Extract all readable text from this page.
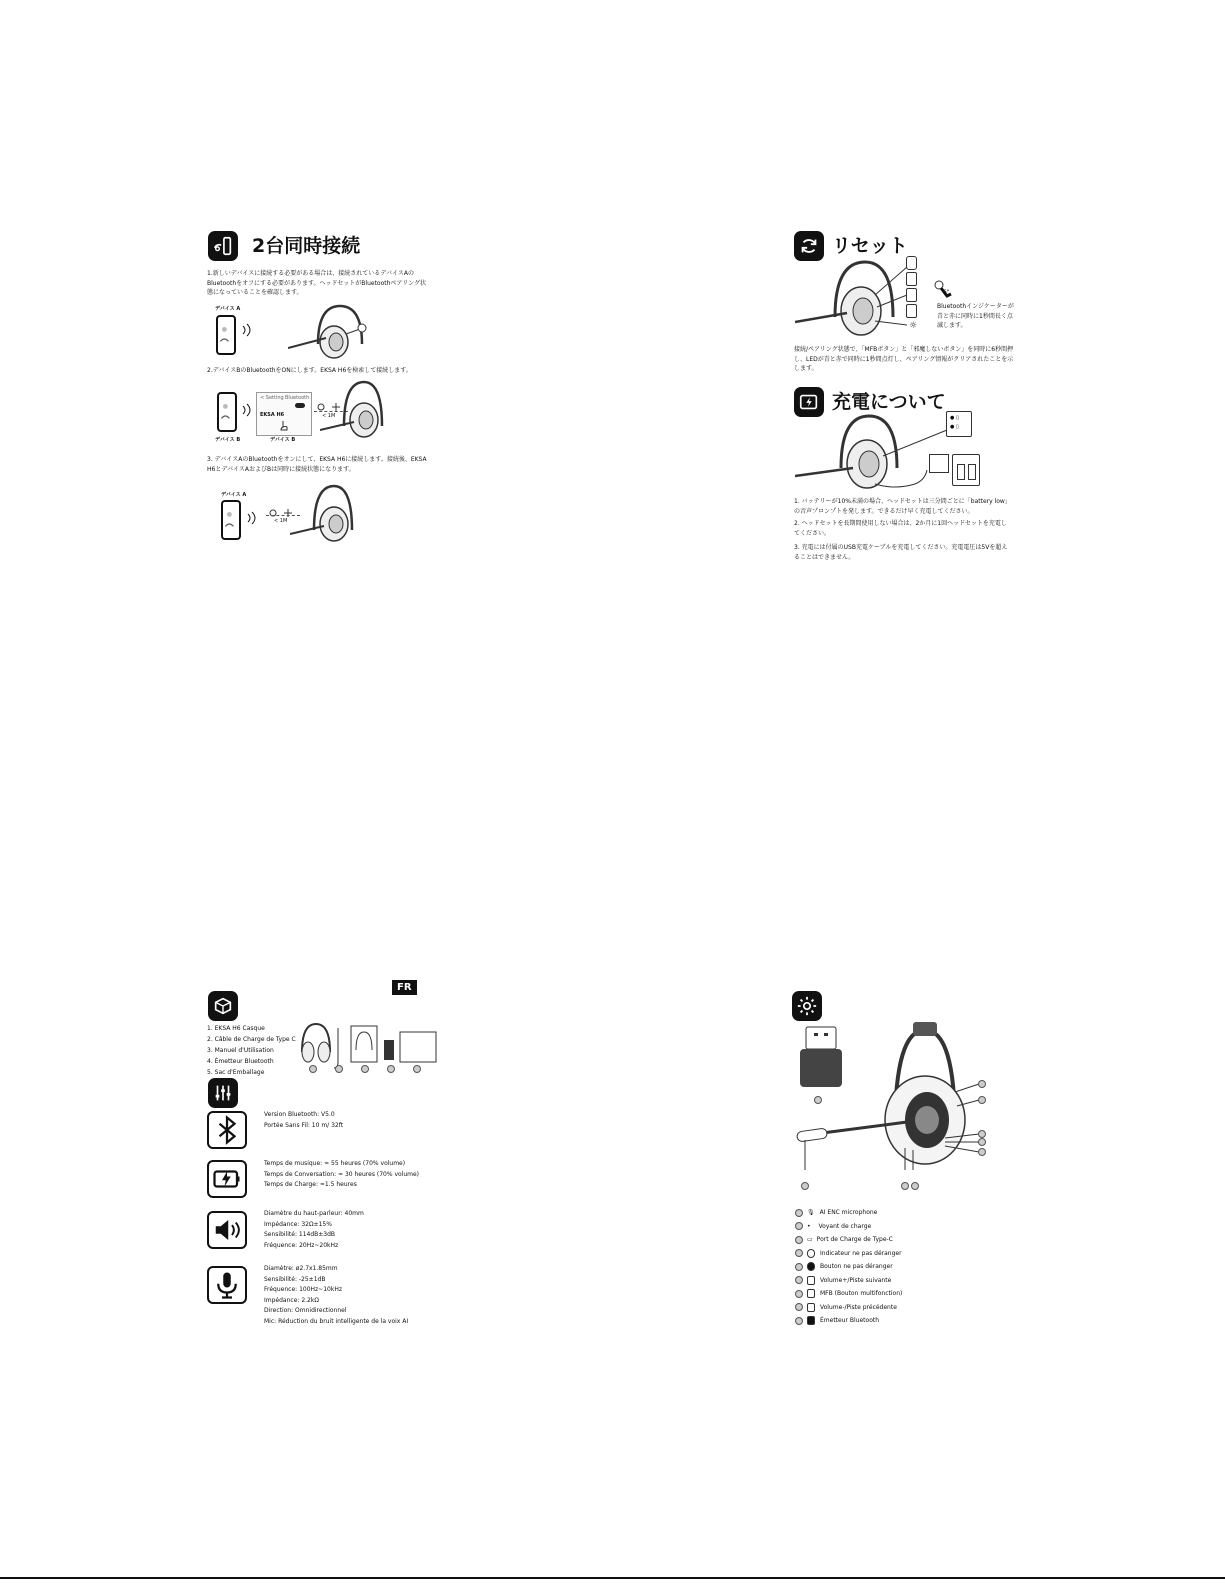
2台同時接続
1.新しいデバイスに接続する必要がある場合は、接続されているデバイスAのBluetoothをオフにする必要があります。ヘッドセットがBluetoothペアリング状態になっていることを確認します。
デバイス A
2.デバイスBのBluetoothをONにします。EKSA H6を検索して接続します。
デバイス B
< Setting Bluetooth
EKSA H6
デバイス B
< 1M
3. デバイスAのBluetoothをオンにして、EKSA H6に接続します。接続後、EKSA H6とデバイスAおよびBは同時に接続状態になります。
デバイス A
< 1M
リセット
☼
6"
Bluetoothインジケーターが青と赤に同時に1秒間長く点滅します。
接続/ペアリング状態で、「MFBボタン」と「邪魔しないボタン」を同時に6秒間押し、LEDが青と赤で同時に1秒間点灯し、ペアリング情報がクリアされたことを示します。
充電について
● ▯
● ▯
1. バッテリーが10%未満の場合、ヘッドセットは三分間ごとに「battery low」の音声プロンプトを発します。できるだけ早く充電してください。
2. ヘッドセットを長期間使用しない場合は、2か月に1回ヘッドセットを充電してください。
3. 充電には付属のUSB充電ケーブルを充電してください。充電電圧は5Vを超えることはできません。
FR
1. EKSA H6 Casque
2. Câble de Charge de Type C
3. Manuel d'Utilisation
4. Émetteur Bluetooth
5. Sac d'Emballage
Version Bluetooth: V5.0
Portée Sans Fil: 10 m/ 32ft
Temps de musique: ≈ 55 heures (70% volume)
Temps de Conversation: ≈ 30 heures (70% volume)
Temps de Charge: ≈1.5 heures
Diamètre du haut-parleur: 40mm
Impédance: 32Ω±15%
Sensibilité: 114dB±3dB
Fréquence: 20Hz~20kHz
Diamètre: ø2.7x1.85mm
Sensibilité: -25±1dB
Fréquence: 100Hz~10kHz
Impédance: 2.2kΩ
Direction: Omnidirectionnel
Mic: Réduction du bruit intelligente de la voix AI
🎙 AI ENC microphone
• Voyant de charge
▭ Port de Charge de Type-C
Indicateur ne pas déranger
Bouton ne pas déranger
Volume+/Piste suivante
MFB (Bouton multifonction)
Volume-/Piste précédente
Émetteur Bluetooth
